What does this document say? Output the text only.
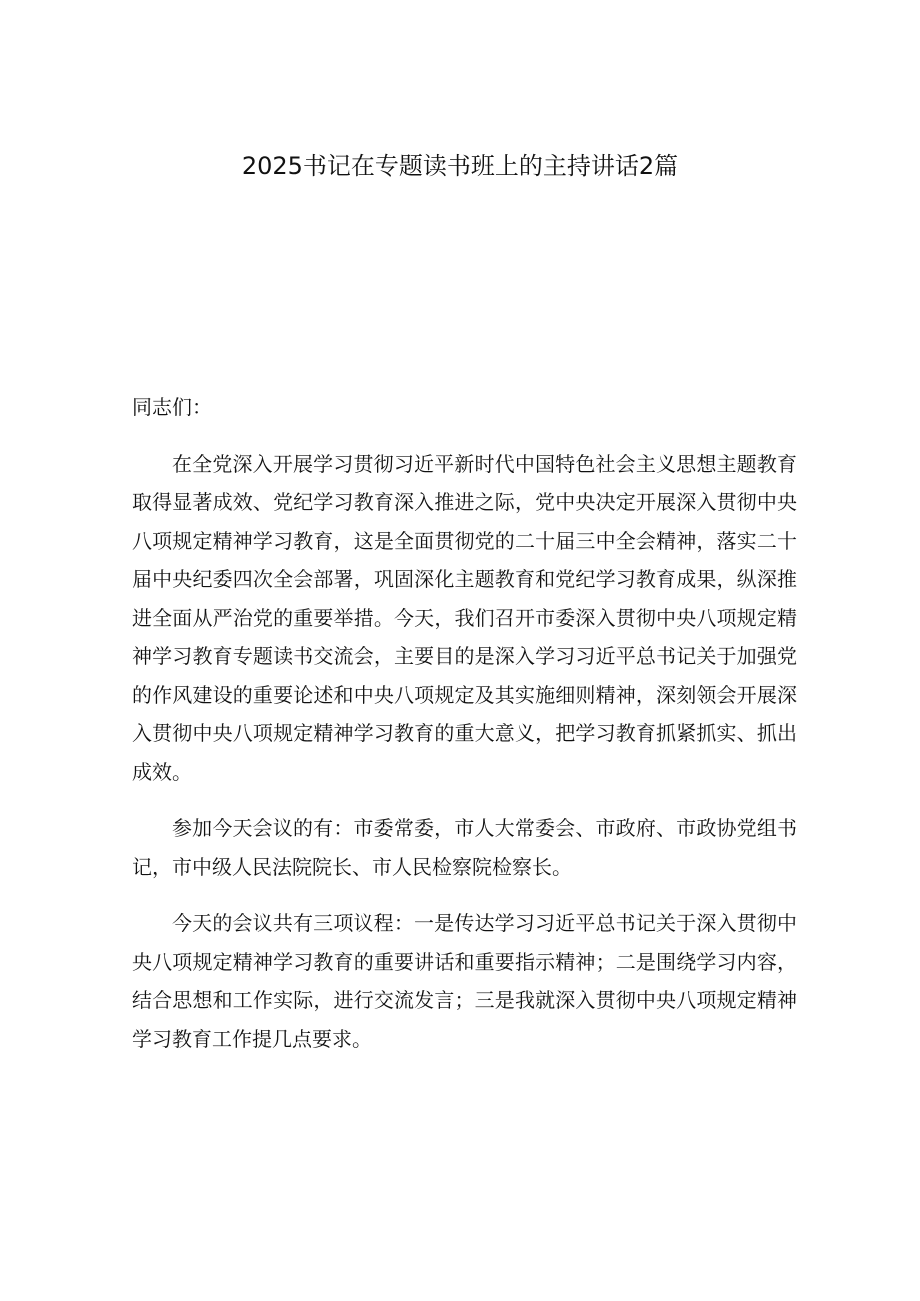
2025书记在专题读书班上的主持讲话2篇

同志们：

在全党深入开展学习贯彻习近平新时代中国特色社会主义思想主题教育取得显著成效、党纪学习教育深入推进之际，党中央决定开展深入贯彻中央八项规定精神学习教育，这是全面贯彻党的二十届三中全会精神，落实二十届中央纪委四次全会部署，巩固深化主题教育和党纪学习教育成果，纵深推进全面从严治党的重要举措。今天，我们召开市委深入贯彻中央八项规定精神学习教育专题读书交流会，主要目的是深入学习习近平总书记关于加强党的作风建设的重要论述和中央八项规定及其实施细则精神，深刻领会开展深入贯彻中央八项规定精神学习教育的重大意义，把学习教育抓紧抓实、抓出成效。

参加今天会议的有：市委常委，市人大常委会、市政府、市政协党组书记，市中级人民法院院长、市人民检察院检察长。

今天的会议共有三项议程：一是传达学习习近平总书记关于深入贯彻中央八项规定精神学习教育的重要讲话和重要指示精神；二是围绕学习内容，结合思想和工作实际，进行交流发言；三是我就深入贯彻中央八项规定精神学习教育工作提几点要求。
